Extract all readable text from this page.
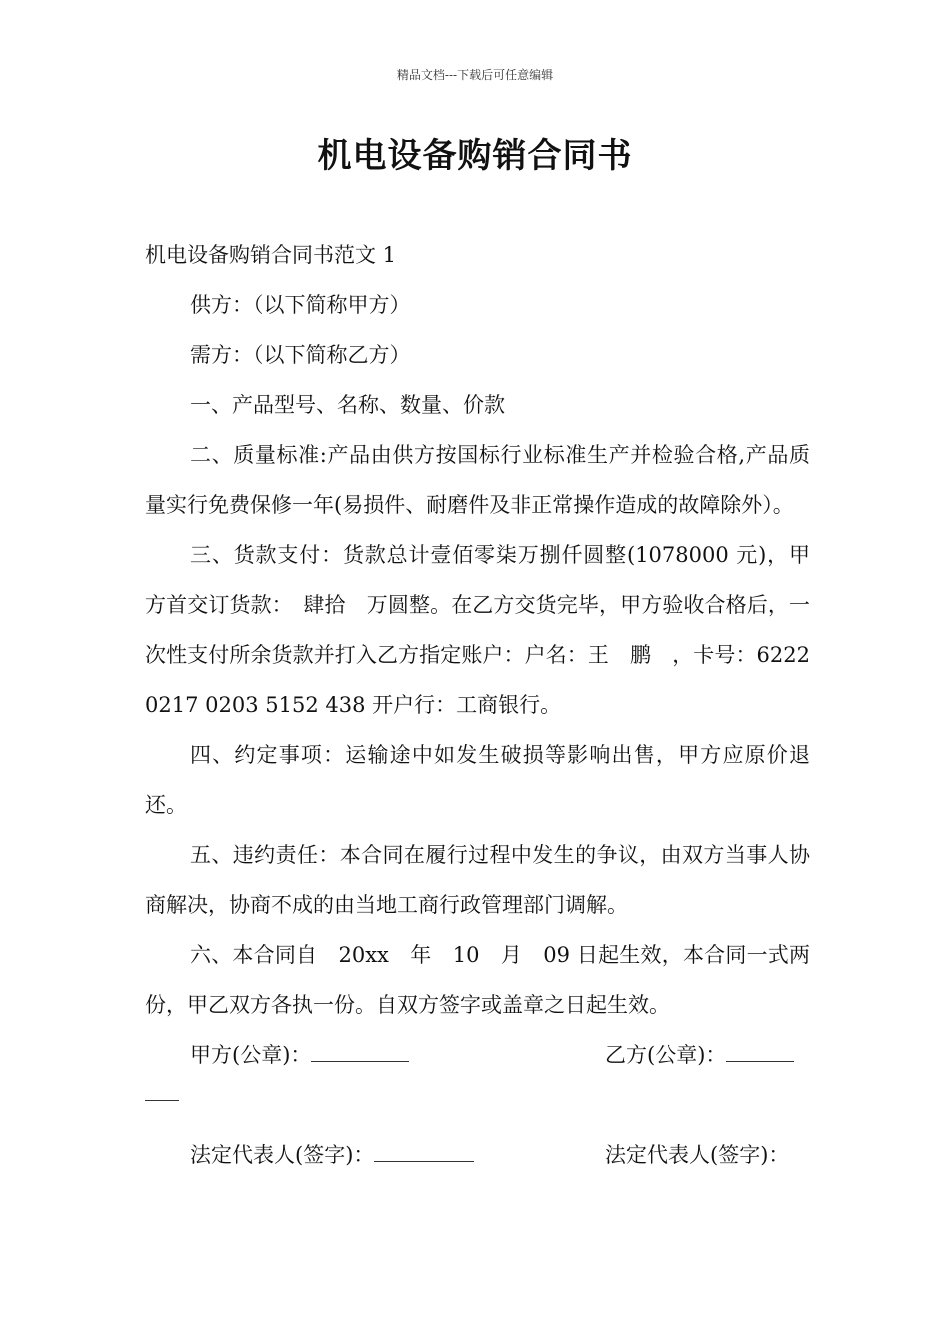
精品文档---下载后可任意编辑
机电设备购销合同书

机电设备购销合同书范文 1

供方：（以下简称甲方）

需方：（以下简称乙方）

一、产品型号、名称、数量、价款

二、质量标准:产品由供方按国标行业标准生产并检验合格,产品质量实行免费保修一年(易损件、耐磨件及非正常操作造成的故障除外）。

三、货款支付：货款总计壹佰零柒万捌仟圆整(1078000 元)，甲方首交订货款：　肆拾　万圆整。在乙方交货完毕，甲方验收合格后，一次性支付所余货款并打入乙方指定账户：户名：王　鹏　，卡号：6222 0217 0203 5152 438 开户行：工商银行。

四、约定事项：运输途中如发生破损等影响出售，甲方应原价退还。

五、违约责任：本合同在履行过程中发生的争议，由双方当事人协商解决，协商不成的由当地工商行政管理部门调解。

六、本合同自　20xx　年　10　月　09 日起生效，本合同一式两份，甲乙双方各执一份。自双方签字或盖章之日起生效。

甲方(公章)：	乙方(公章)：
法定代表人(签字)：	法定代表人(签字)：
